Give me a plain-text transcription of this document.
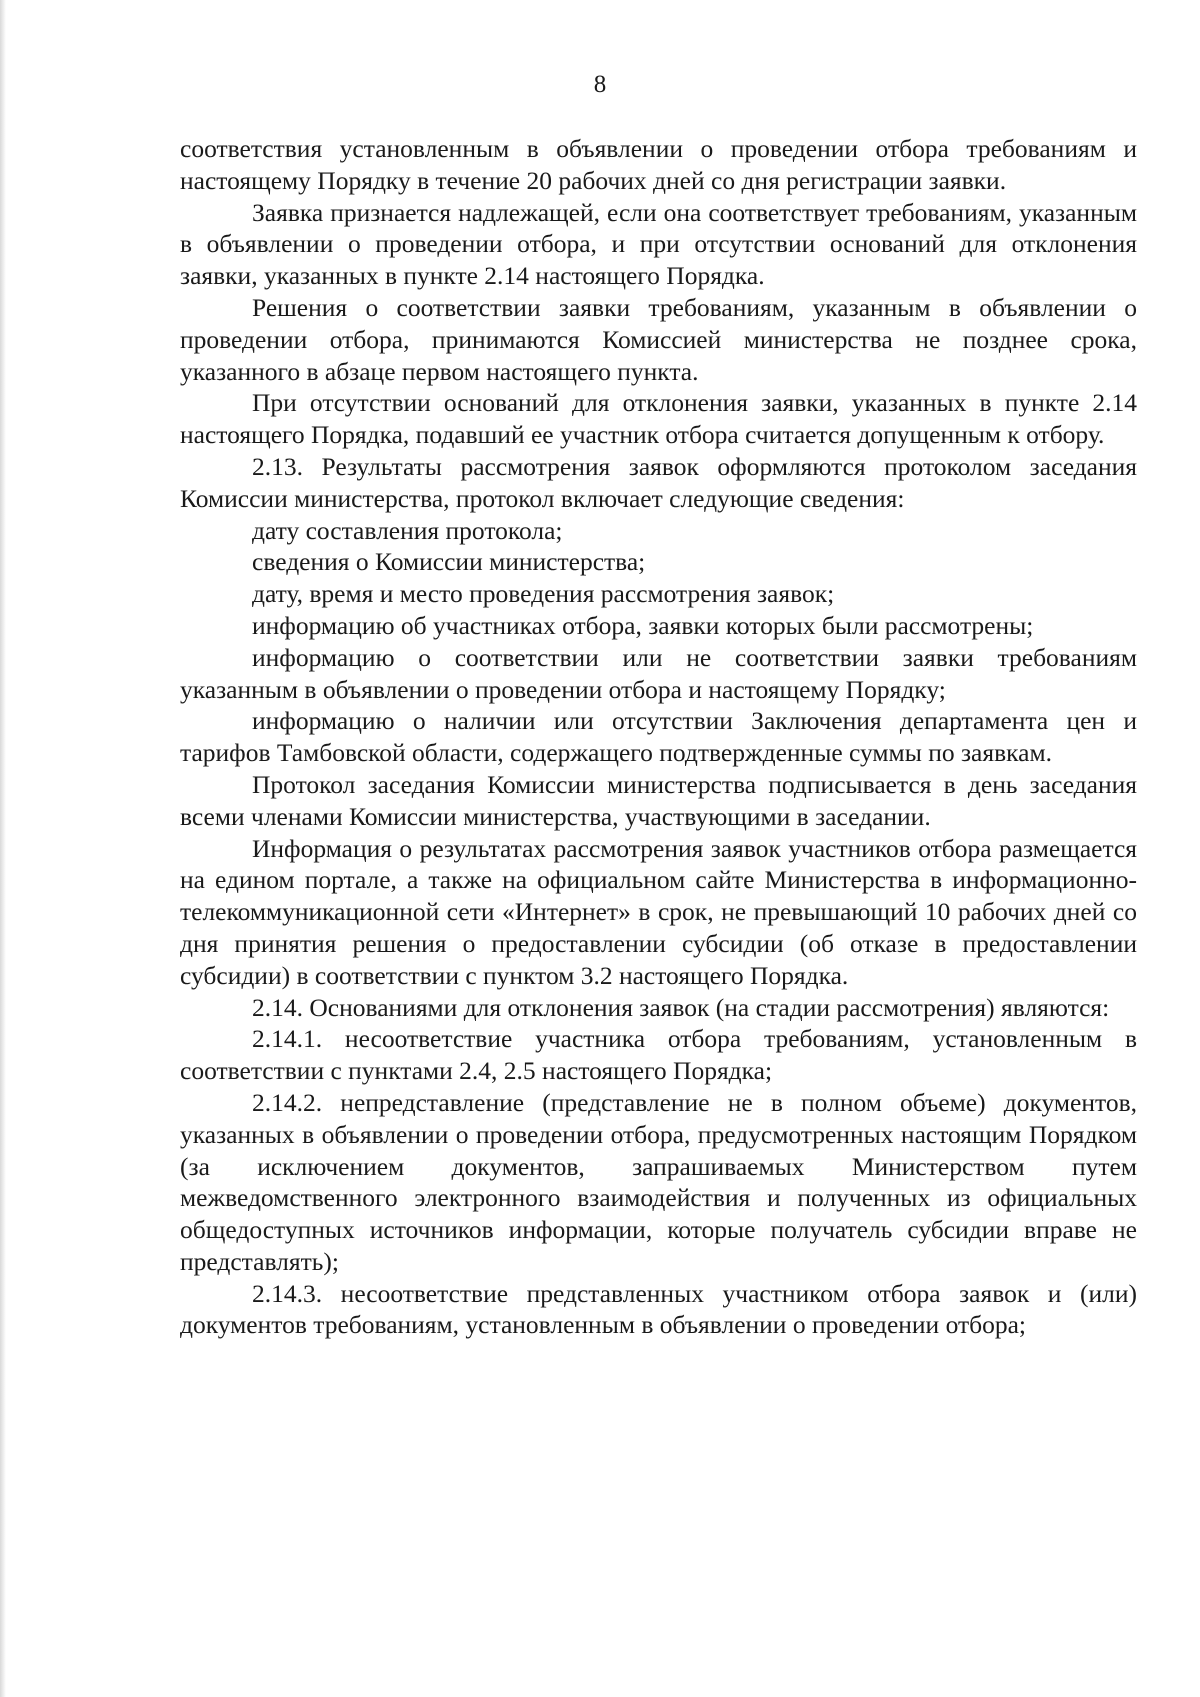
8

соответствия установленным в объявлении о проведении отбора требованиям и настоящему Порядку в течение 20 рабочих дней со дня регистрации заявки.

Заявка признается надлежащей, если она соответствует требованиям, указанным в объявлении о проведении отбора, и при отсутствии оснований для отклонения заявки, указанных в пункте 2.14 настоящего Порядка.

Решения о соответствии заявки требованиям, указанным в объявлении о проведении отбора, принимаются Комиссией министерства не позднее срока, указанного в абзаце первом настоящего пункта.

При отсутствии оснований для отклонения заявки, указанных в пункте 2.14 настоящего Порядка, подавший ее участник отбора считается допущенным к отбору.

2.13. Результаты рассмотрения заявок оформляются протоколом заседания Комиссии министерства, протокол включает следующие сведения:

дату составления протокола;

сведения о Комиссии министерства;

дату, время и место проведения рассмотрения заявок;

информацию об участниках отбора, заявки которых были рассмотрены;

информацию о соответствии или не соответствии заявки требованиям указанным в объявлении о проведении отбора и настоящему Порядку;

информацию о наличии или отсутствии Заключения департамента цен и тарифов Тамбовской области, содержащего подтвержденные суммы по заявкам.

Протокол заседания Комиссии министерства подписывается в день заседания всеми членами Комиссии министерства, участвующими в заседании.

Информация о результатах рассмотрения заявок участников отбора размещается на едином портале, а также на официальном сайте Министерства в информационно-телекоммуникационной сети «Интернет» в срок, не превышающий 10 рабочих дней со дня принятия решения о предоставлении субсидии (об отказе в предоставлении субсидии) в соответствии с пунктом 3.2 настоящего Порядка.

2.14. Основаниями для отклонения заявок (на стадии рассмотрения) являются:

2.14.1. несоответствие участника отбора требованиям, установленным в соответствии с пунктами 2.4, 2.5 настоящего Порядка;

2.14.2. непредставление (представление не в полном объеме) документов, указанных в объявлении о проведении отбора, предусмотренных настоящим Порядком (за исключением документов, запрашиваемых Министерством путем межведомственного электронного взаимодействия и полученных из официальных общедоступных источников информации, которые получатель субсидии вправе не представлять);

2.14.3. несоответствие представленных участником отбора заявок и (или) документов требованиям, установленным в объявлении о проведении отбора;
